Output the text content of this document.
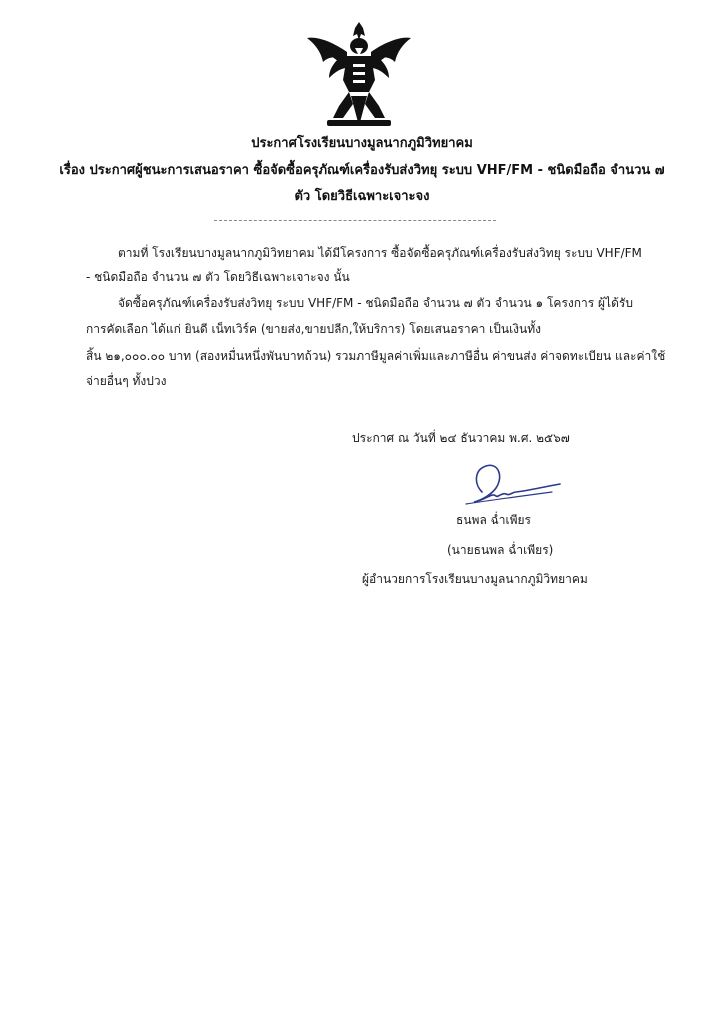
ประกาศโรงเรียนบางมูลนากภูมิวิทยาคม
เรื่อง ประกาศผู้ชนะการเสนอราคา ซื้อจัดซื้อครุภัณฑ์เครื่องรับส่งวิทยุ ระบบ VHF/FM - ชนิดมือถือ จำนวน ๗
ตัว โดยวิธีเฉพาะเจาะจง
ตามที่ โรงเรียนบางมูลนากภูมิวิทยาคม ได้มีโครงการ ซื้อจัดซื้อครุภัณฑ์เครื่องรับส่งวิทยุ ระบบ VHF/FM
- ชนิดมือถือ จำนวน ๗ ตัว โดยวิธีเฉพาะเจาะจง นั้น
จัดซื้อครุภัณฑ์เครื่องรับส่งวิทยุ ระบบ VHF/FM - ชนิดมือถือ จำนวน ๗ ตัว จำนวน ๑ โครงการ ผู้ได้รับ
การคัดเลือก ได้แก่ ยินดี เน็ทเวิร์ค (ขายส่ง,ขายปลีก,ให้บริการ) โดยเสนอราคา เป็นเงินทั้ง
สิ้น ๒๑,๐๐๐.๐๐ บาท (สองหมื่นหนึ่งพันบาทถ้วน) รวมภาษีมูลค่าเพิ่มและภาษีอื่น ค่าขนส่ง ค่าจดทะเบียน และค่าใช้
จ่ายอื่นๆ ทั้งปวง
ประกาศ ณ วันที่ ๒๔ ธันวาคม พ.ศ. ๒๕๖๗
ธนพล ฉ่ำเพียร
(นายธนพล ฉ่ำเพียร)
ผู้อำนวยการโรงเรียนบางมูลนากภูมิวิทยาคม
